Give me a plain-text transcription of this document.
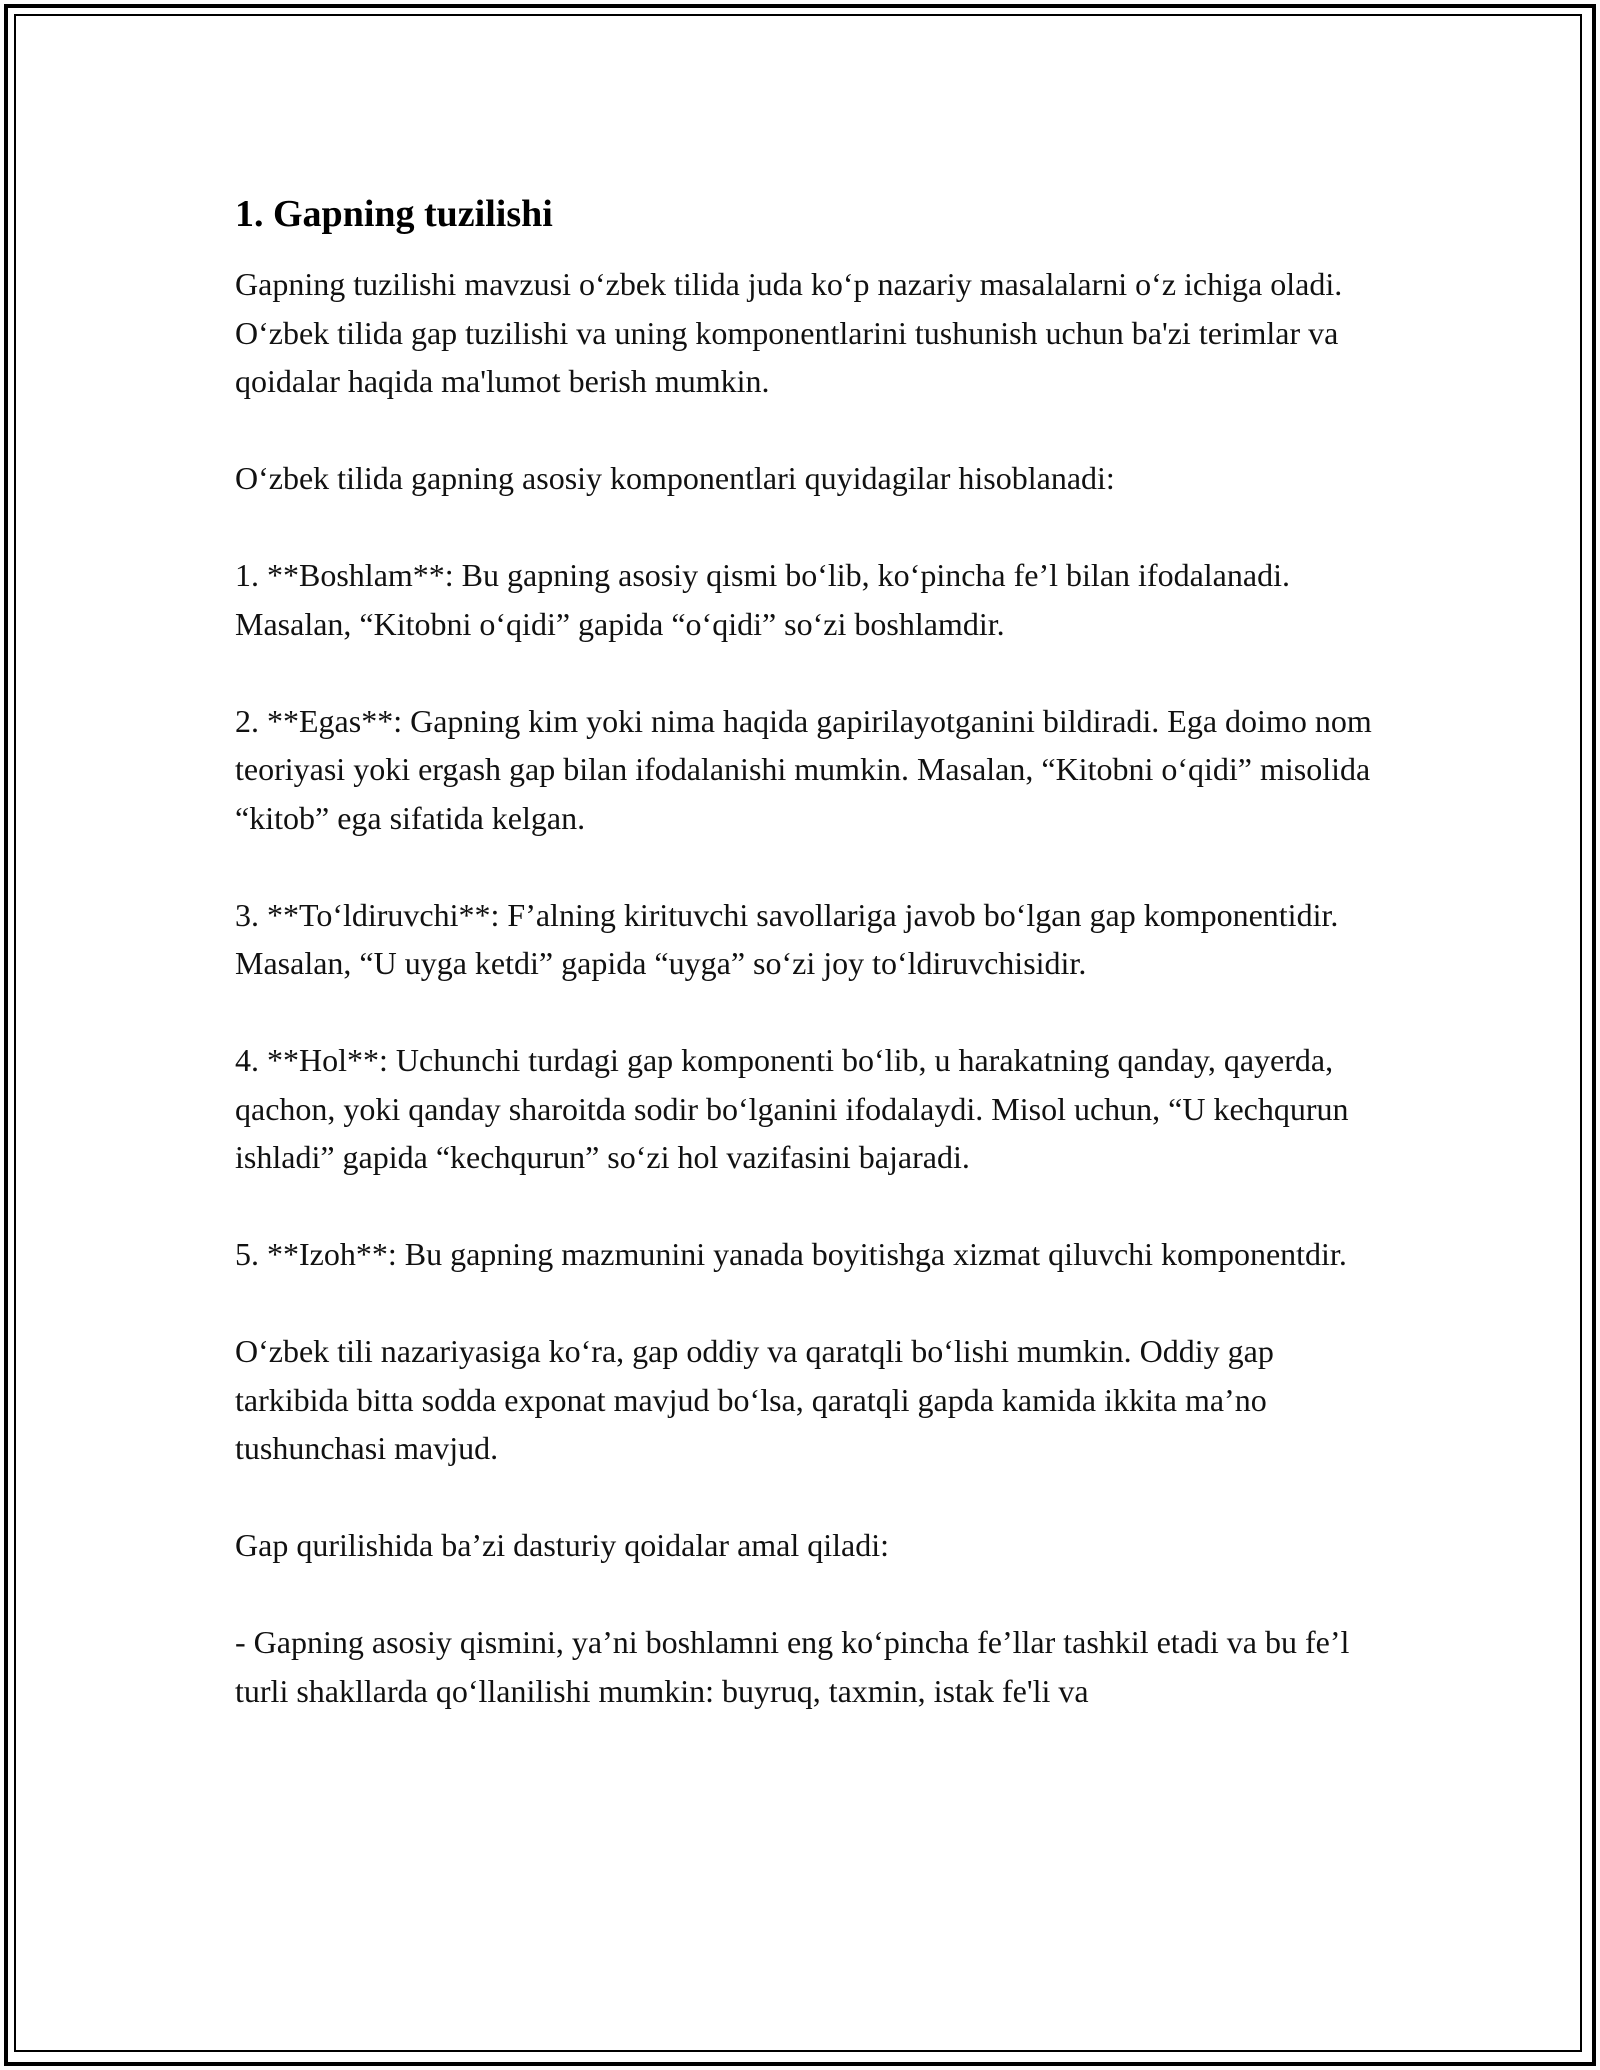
1. Gapning tuzilishi

Gapning tuzilishi mavzusi o‘zbek tilida juda ko‘p nazariy masalalarni o‘z ichiga oladi. O‘zbek tilida gap tuzilishi va uning komponentlarini tushunish uchun ba'zi terimlar va qoidalar haqida ma'lumot berish mumkin.

O‘zbek tilida gapning asosiy komponentlari quyidagilar hisoblanadi:

1. **Boshlam**: Bu gapning asosiy qismi bo‘lib, ko‘pincha fe’l bilan ifodalanadi. Masalan, “Kitobni o‘qidi” gapida “o‘qidi” so‘zi boshlamdir.

2. **Egas**: Gapning kim yoki nima haqida gapirilayotganini bildiradi. Ega doimo nom teoriyasi yoki ergash gap bilan ifodalanishi mumkin. Masalan, “Kitobni o‘qidi” misolida “kitob” ega sifatida kelgan.

3. **To‘ldiruvchi**: F’alning kirituvchi savollariga javob bo‘lgan gap komponentidir. Masalan, “U uyga ketdi” gapida “uyga” so‘zi joy to‘ldiruvchisidir.

4. **Hol**: Uchunchi turdagi gap komponenti bo‘lib, u harakatning qanday, qayerda, qachon, yoki qanday sharoitda sodir bo‘lganini ifodalaydi. Misol uchun, “U kechqurun ishladi” gapida “kechqurun” so‘zi hol vazifasini bajaradi.

5. **Izoh**: Bu gapning mazmunini yanada boyitishga xizmat qiluvchi komponentdir.

O‘zbek tili nazariyasiga ko‘ra, gap oddiy va qaratqli bo‘lishi mumkin. Oddiy gap tarkibida bitta sodda exponat mavjud bo‘lsa, qaratqli gapda kamida ikkita ma’no tushunchasi mavjud.

Gap qurilishida ba’zi dasturiy qoidalar amal qiladi:

- Gapning asosiy qismini, ya’ni boshlamni eng ko‘pincha fe’llar tashkil etadi va bu fe’l turli shakllarda qo‘llanilishi mumkin: buyruq, taxmin, istak fe'li va
